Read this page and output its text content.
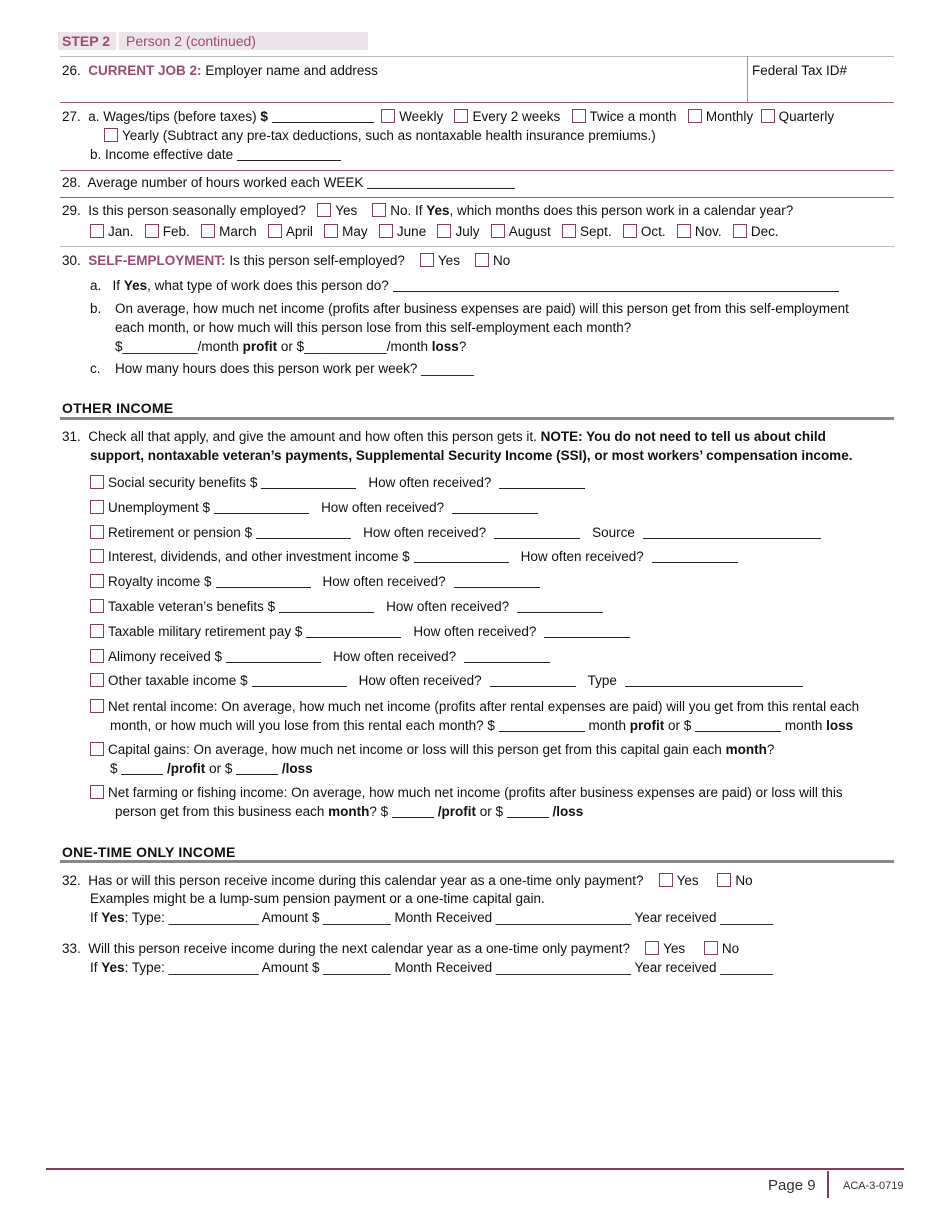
STEP 2 Person 2 (continued)
26. CURRENT JOB 2: Employer name and address	Federal Tax ID#
27. a. Wages/tips (before taxes) $	Weekly Every 2 weeks Twice a month Monthly Quarterly
Yearly (Subtract any pre-tax deductions, such as nontaxable health insurance premiums.)
b. Income effective date
28. Average number of hours worked each WEEK
29. Is this person seasonally employed? Yes No. If Yes, which months does this person work in a calendar year?
Jan. Feb. March April May June July August Sept. Oct. Nov. Dec.
30. SELF-EMPLOYMENT: Is this person self-employed? Yes No
a. If Yes, what type of work does this person do?
b. On average, how much net income (profits after business expenses are paid) will this person get from this self-employment
each month, or how much will this person lose from this self-employment each month?
$__________/month profit or $___________/month loss?
c. How many hours does this person work per week? _______
OTHER INCOME
31. Check all that apply, and give the amount and how often this person gets it. NOTE: You do not need to tell us about child
support, nontaxable veteran’s payments, Supplemental Security Income (SSI), or most workers’ compensation income.
Social security benefits $	How often received?
Unemployment $	How often received?
Retirement or pension $	How often received?	Source
Interest, dividends, and other investment income $	How often received?
Royalty income $	How often received?
Taxable veteran’s benefits $	How often received?
Taxable military retirement pay $	How often received?
Alimony received $	How often received?
Other taxable income $	How often received?	Type
Net rental income: On average, how much net income (profits after rental expenses are paid) will you get from this rental each
month, or how much will you lose from this rental each month? $	month profit or $	month loss
Capital gains: On average, how much net income or loss will this person get from this capital gain each month?
$	/profit or $	/loss
Net farming or fishing income: On average, how much net income (profits after business expenses are paid) or loss will this
person get from this business each month? $	/profit or $	/loss
ONE-TIME ONLY INCOME
32. Has or will this person receive income during this calendar year as a one-time only payment? Yes	No
Examples might be a lump-sum pension payment or a one-time capital gain.
If Yes: Type: ____________ Amount $ _________ Month Received __________________ Year received _______
33. Will this person receive income during the next calendar year as a one-time only payment? Yes	No
If Yes: Type: ____________ Amount $ _________ Month Received __________________ Year received _______
Page 9 ACA-3-0719
